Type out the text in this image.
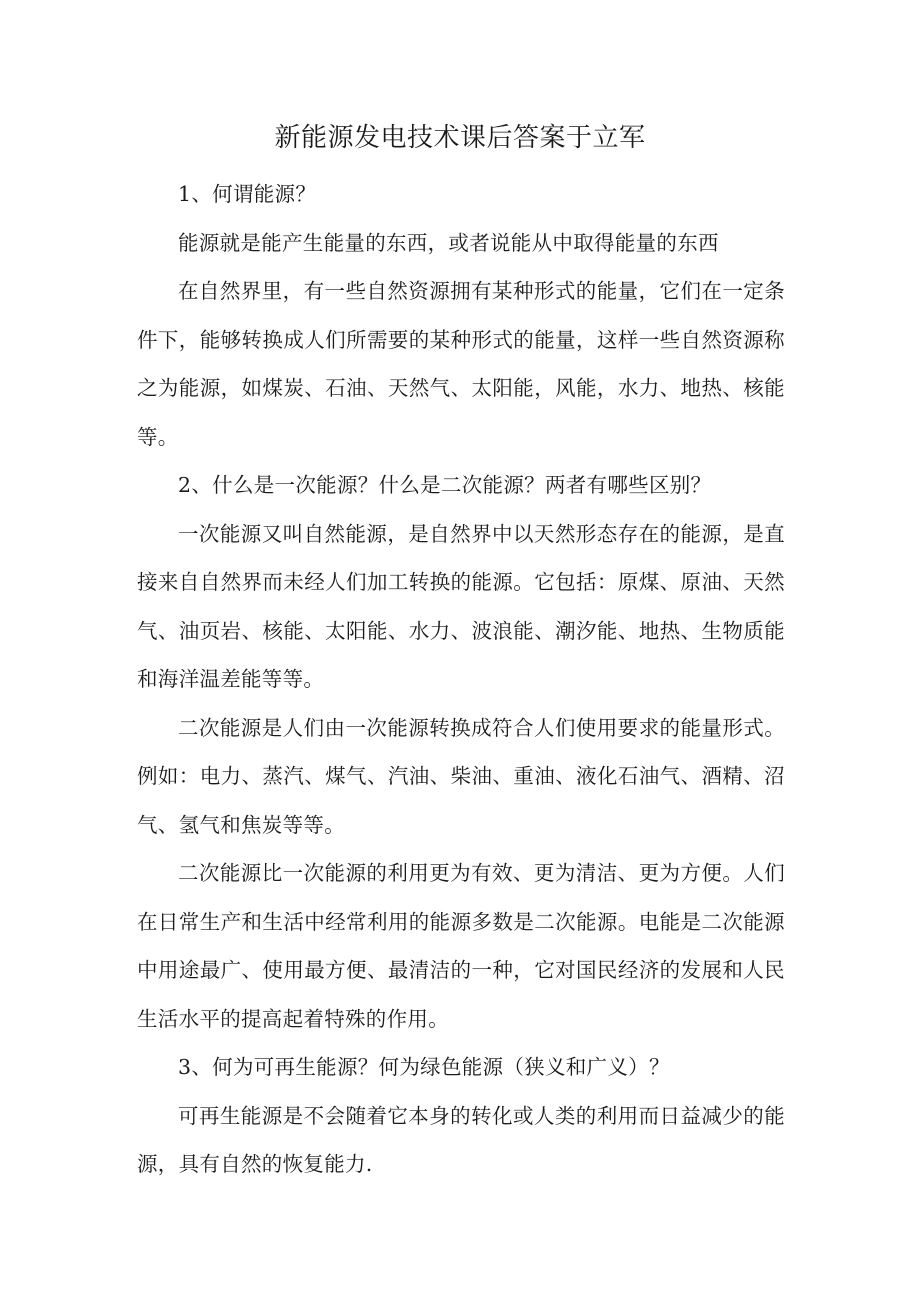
新能源发电技术课后答案于立军

1、何谓能源？

能源就是能产生能量的东西，或者说能从中取得能量的东西

在自然界里，有一些自然资源拥有某种形式的能量，它们在一定条件下，能够转换成人们所需要的某种形式的能量，这样一些自然资源称之为能源，如煤炭、石油、天然气、太阳能，风能，水力、地热、核能等。

2、什么是一次能源？什么是二次能源？两者有哪些区别？

一次能源又叫自然能源，是自然界中以天然形态存在的能源，是直接来自自然界而未经人们加工转换的能源。它包括：原煤、原油、天然气、油页岩、核能、太阳能、水力、波浪能、潮汐能、地热、生物质能和海洋温差能等等。

二次能源是人们由一次能源转换成符合人们使用要求的能量形式。例如：电力、蒸汽、煤气、汽油、柴油、重油、液化石油气、酒精、沼气、氢气和焦炭等等。

二次能源比一次能源的利用更为有效、更为清洁、更为方便。人们在日常生产和生活中经常利用的能源多数是二次能源。电能是二次能源中用途最广、使用最方便、最清洁的一种，它对国民经济的发展和人民生活水平的提高起着特殊的作用。

3、何为可再生能源？何为绿色能源（狭义和广义）？

可再生能源是不会随着它本身的转化或人类的利用而日益减少的能源，具有自然的恢复能力.
